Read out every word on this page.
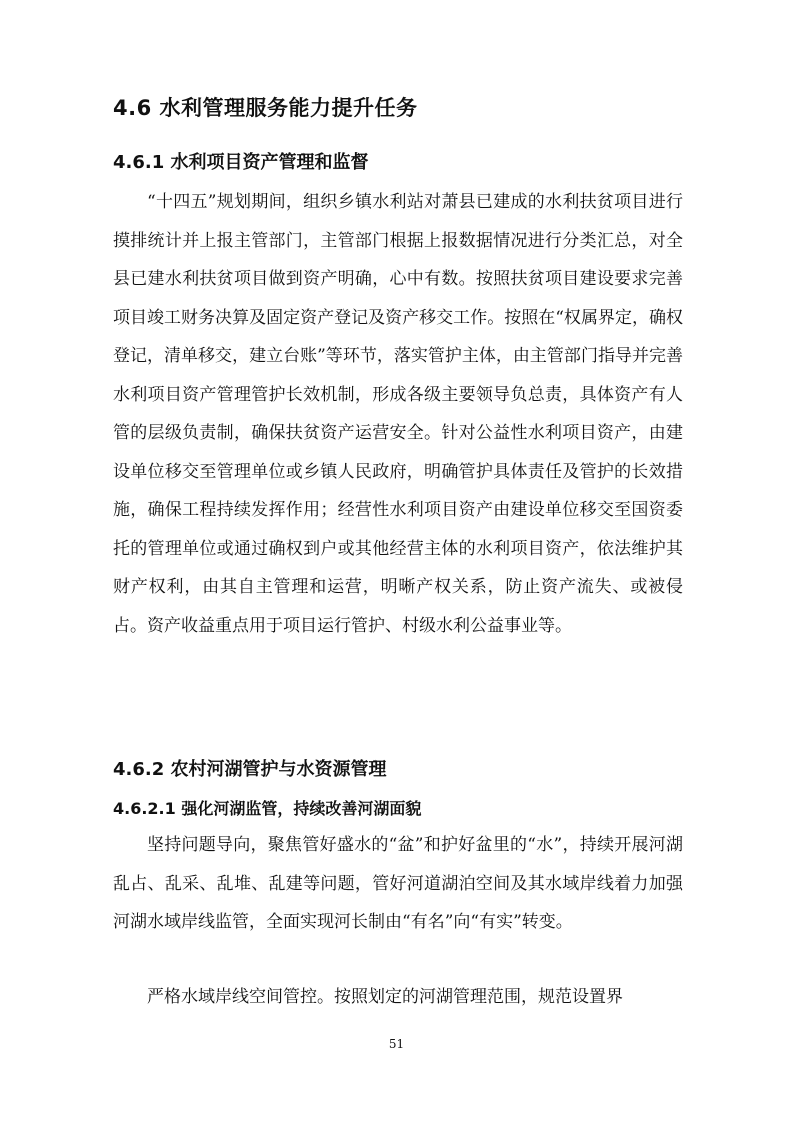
4.6 水利管理服务能力提升任务
4.6.1 水利项目资产管理和监督

“十四五”规划期间，组织乡镇水利站对萧县已建成的水利扶贫项目进行摸排统计并上报主管部门，主管部门根据上报数据情况进行分类汇总，对全县已建水利扶贫项目做到资产明确，心中有数。按照扶贫项目建设要求完善项目竣工财务决算及固定资产登记及资产移交工作。按照在“权属界定，确权登记，清单移交，建立台账”等环节，落实管护主体，由主管部门指导并完善水利项目资产管理管护长效机制，形成各级主要领导负总责，具体资产有人管的层级负责制，确保扶贫资产运营安全。针对公益性水利项目资产，由建设单位移交至管理单位或乡镇人民政府，明确管护具体责任及管护的长效措施，确保工程持续发挥作用；经营性水利项目资产由建设单位移交至国资委托的管理单位或通过确权到户或其他经营主体的水利项目资产，依法维护其财产权利，由其自主管理和运营，明晰产权关系，防止资产流失、或被侵占。资产收益重点用于项目运行管护、村级水利公益事业等。

4.6.2 农村河湖管护与水资源管理
4.6.2.1 强化河湖监管，持续改善河湖面貌

坚持问题导向，聚焦管好盛水的“盆”和护好盆里的“水”，持续开展河湖乱占、乱采、乱堆、乱建等问题，管好河道湖泊空间及其水域岸线着力加强河湖水域岸线监管，全面实现河长制由“有名”向“有实”转变。

严格水域岸线空间管控。按照划定的河湖管理范围，规范设置界

51
